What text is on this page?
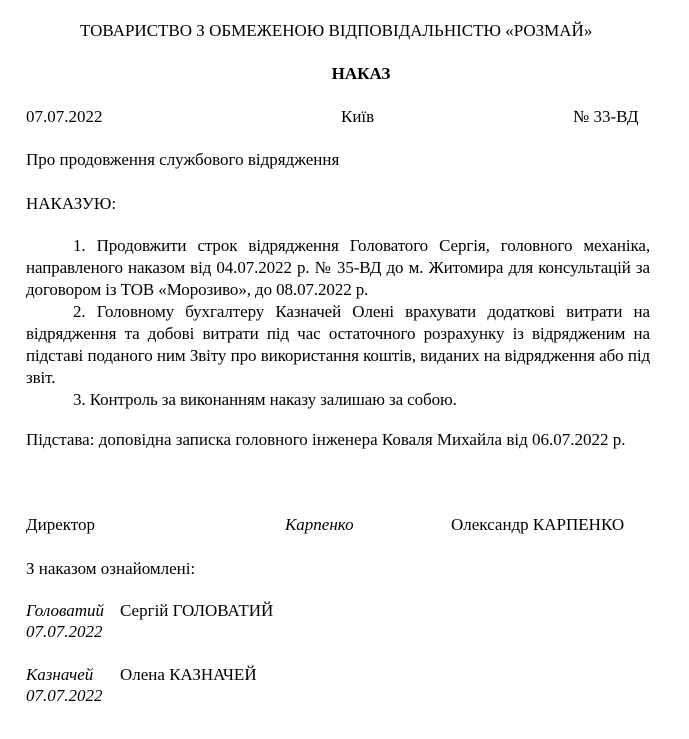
ТОВАРИСТВО З ОБМЕЖЕНОЮ ВІДПОВІДАЛЬНІСТЮ «РОЗМАЙ»
НАКАЗ
07.07.2022	Київ	№ 33-ВД
Про продовження службового відрядження
НАКАЗУЮ:

1. Продовжити строк відрядження Головатого Сергія, головного механіка, направленого наказом від 04.07.2022 р. № 35-ВД до м. Житомира для консультацій за договором із ТОВ «Морозиво», до 08.07.2022 р.

2. Головному бухгалтеру Казначей Олені врахувати додаткові витрати на відрядження та добові витрати під час остаточного розрахунку із відрядженим на підставі поданого ним Звіту про використання коштів, виданих на відрядження або під звіт.

3. Контроль за виконанням наказу залишаю за собою.

Підстава: доповідна записка головного інженера Коваля Михайла від 06.07.2022 р.

Директор	Карпенко	Олександр КАРПЕНКО
З наказом ознайомлені:
Головатий Сергій ГОЛОВАТИЙ
07.07.2022
Казначей Олена КАЗНАЧЕЙ
07.07.2022
